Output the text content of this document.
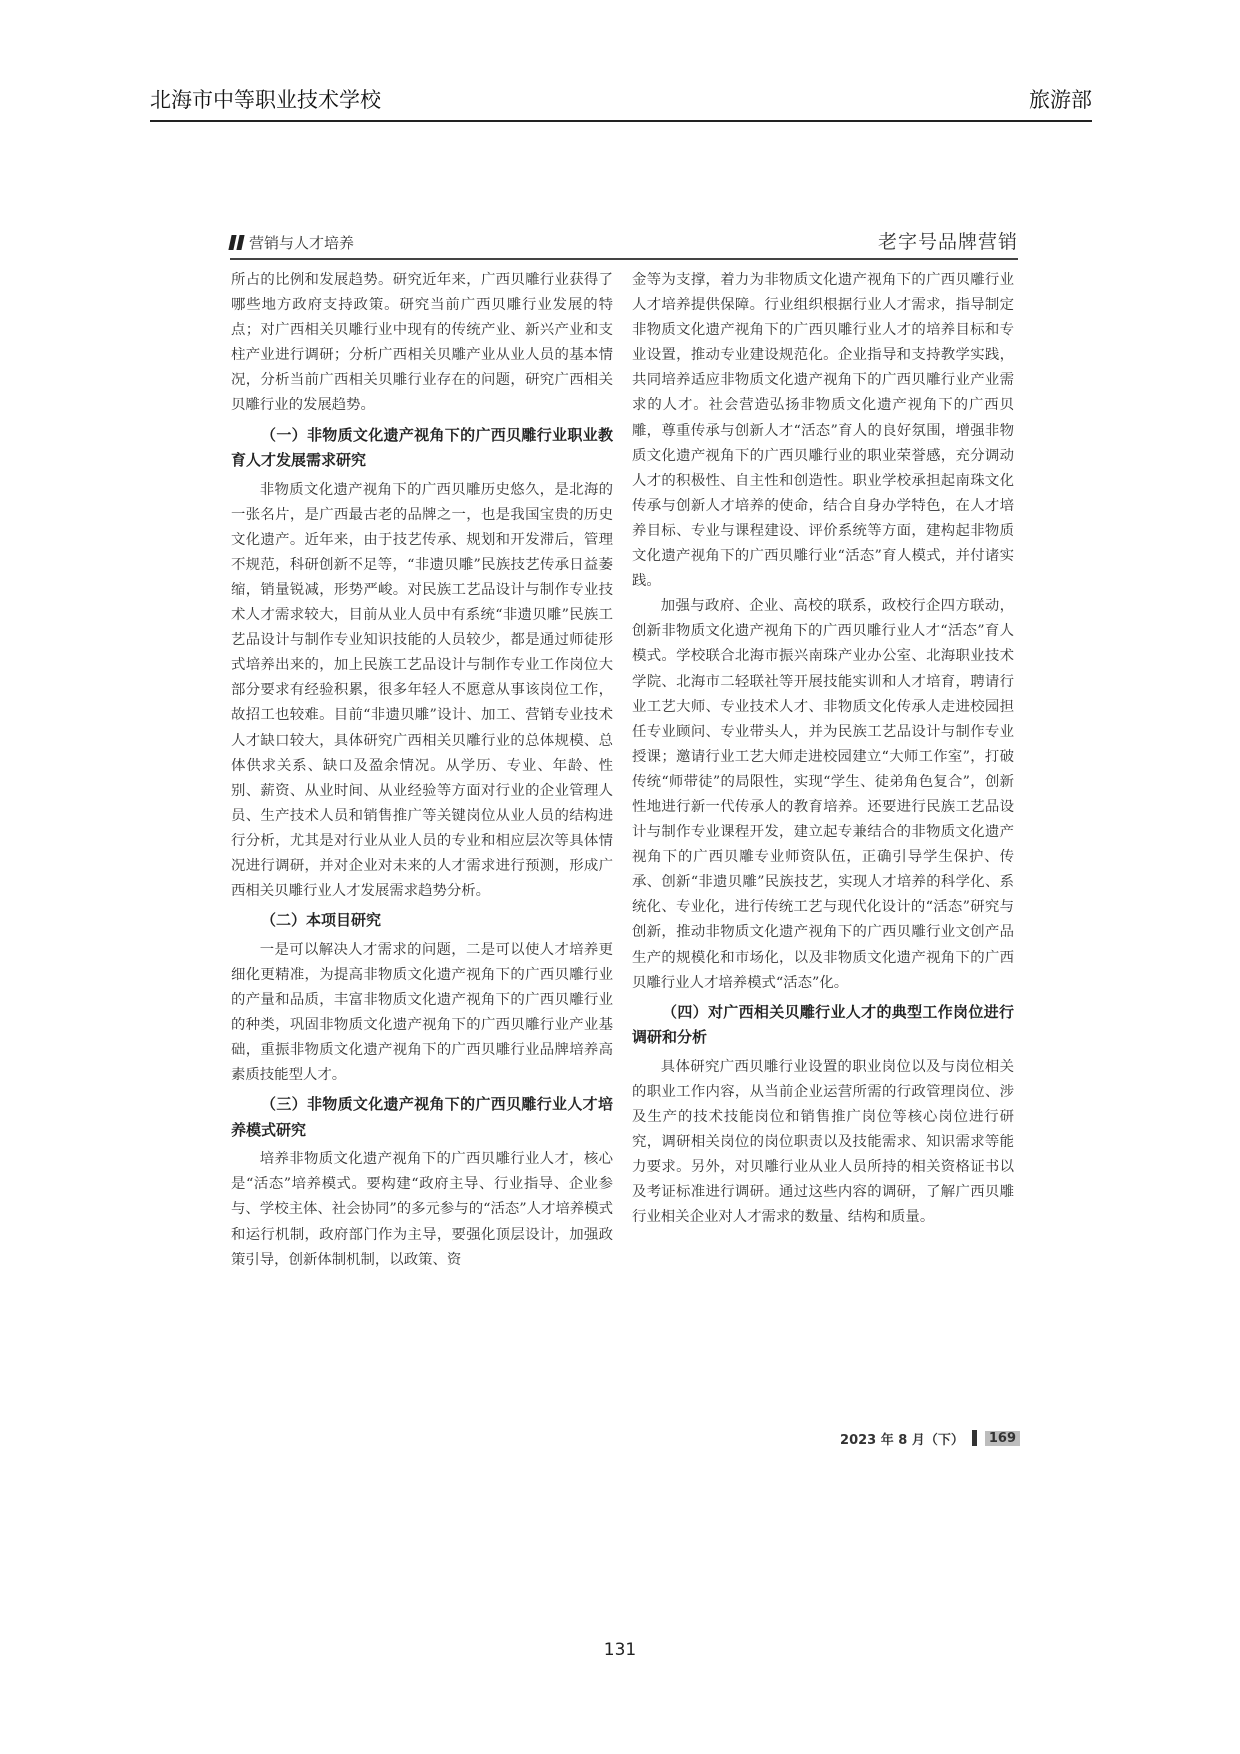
北海市中等职业技术学校	旅游部
营销与人才培养	老字号品牌营销

所占的比例和发展趋势。研究近年来，广西贝雕行业获得了哪些地方政府支持政策。研究当前广西贝雕行业发展的特点；对广西相关贝雕行业中现有的传统产业、新兴产业和支柱产业进行调研；分析广西相关贝雕产业从业人员的基本情况，分析当前广西相关贝雕行业存在的问题，研究广西相关贝雕行业的发展趋势。

（一）非物质文化遗产视角下的广西贝雕行业职业教育人才发展需求研究

非物质文化遗产视角下的广西贝雕历史悠久，是北海的一张名片，是广西最古老的品牌之一，也是我国宝贵的历史文化遗产。近年来，由于技艺传承、规划和开发滞后，管理不规范，科研创新不足等，“非遗贝雕”民族技艺传承日益萎缩，销量锐减，形势严峻。对民族工艺品设计与制作专业技术人才需求较大，目前从业人员中有系统“非遗贝雕”民族工艺品设计与制作专业知识技能的人员较少，都是通过师徒形式培养出来的，加上民族工艺品设计与制作专业工作岗位大部分要求有经验积累，很多年轻人不愿意从事该岗位工作，故招工也较难。目前“非遗贝雕”设计、加工、营销专业技术人才缺口较大，具体研究广西相关贝雕行业的总体规模、总体供求关系、缺口及盈余情况。从学历、专业、年龄、性别、薪资、从业时间、从业经验等方面对行业的企业管理人员、生产技术人员和销售推广等关键岗位从业人员的结构进行分析，尤其是对行业从业人员的专业和相应层次等具体情况进行调研，并对企业对未来的人才需求进行预测，形成广西相关贝雕行业人才发展需求趋势分析。

（二）本项目研究

一是可以解决人才需求的问题，二是可以使人才培养更细化更精准，为提高非物质文化遗产视角下的广西贝雕行业的产量和品质，丰富非物质文化遗产视角下的广西贝雕行业的种类，巩固非物质文化遗产视角下的广西贝雕行业产业基础，重振非物质文化遗产视角下的广西贝雕行业品牌培养高素质技能型人才。

（三）非物质文化遗产视角下的广西贝雕行业人才培养模式研究

培养非物质文化遗产视角下的广西贝雕行业人才，核心是“活态”培养模式。要构建“政府主导、行业指导、企业参与、学校主体、社会协同”的多元参与的“活态”人才培养模式和运行机制，政府部门作为主导，要强化顶层设计，加强政策引导，创新体制机制，以政策、资

金等为支撑，着力为非物质文化遗产视角下的广西贝雕行业人才培养提供保障。行业组织根据行业人才需求，指导制定非物质文化遗产视角下的广西贝雕行业人才的培养目标和专业设置，推动专业建设规范化。企业指导和支持教学实践，共同培养适应非物质文化遗产视角下的广西贝雕行业产业需求的人才。社会营造弘扬非物质文化遗产视角下的广西贝雕，尊重传承与创新人才“活态”育人的良好氛围，增强非物质文化遗产视角下的广西贝雕行业的职业荣誉感，充分调动人才的积极性、自主性和创造性。职业学校承担起南珠文化传承与创新人才培养的使命，结合自身办学特色，在人才培养目标、专业与课程建设、评价系统等方面，建构起非物质文化遗产视角下的广西贝雕行业“活态”育人模式，并付诸实践。

加强与政府、企业、高校的联系，政校行企四方联动，创新非物质文化遗产视角下的广西贝雕行业人才“活态”育人模式。学校联合北海市振兴南珠产业办公室、北海职业技术学院、北海市二轻联社等开展技能实训和人才培育，聘请行业工艺大师、专业技术人才、非物质文化传承人走进校园担任专业顾问、专业带头人，并为民族工艺品设计与制作专业授课；邀请行业工艺大师走进校园建立“大师工作室”，打破传统“师带徒”的局限性，实现“学生、徒弟角色复合”，创新性地进行新一代传承人的教育培养。还要进行民族工艺品设计与制作专业课程开发，建立起专兼结合的非物质文化遗产视角下的广西贝雕专业师资队伍，正确引导学生保护、传承、创新“非遗贝雕”民族技艺，实现人才培养的科学化、系统化、专业化，进行传统工艺与现代化设计的“活态”研究与创新，推动非物质文化遗产视角下的广西贝雕行业文创产品生产的规模化和市场化，以及非物质文化遗产视角下的广西贝雕行业人才培养模式“活态”化。

（四）对广西相关贝雕行业人才的典型工作岗位进行调研和分析

具体研究广西贝雕行业设置的职业岗位以及与岗位相关的职业工作内容，从当前企业运营所需的行政管理岗位、涉及生产的技术技能岗位和销售推广岗位等核心岗位进行研究，调研相关岗位的岗位职责以及技能需求、知识需求等能力要求。另外，对贝雕行业从业人员所持的相关资格证书以及考证标准进行调研。通过这些内容的调研，了解广西贝雕行业相关企业对人才需求的数量、结构和质量。

2023 年 8 月（下）	169
131
